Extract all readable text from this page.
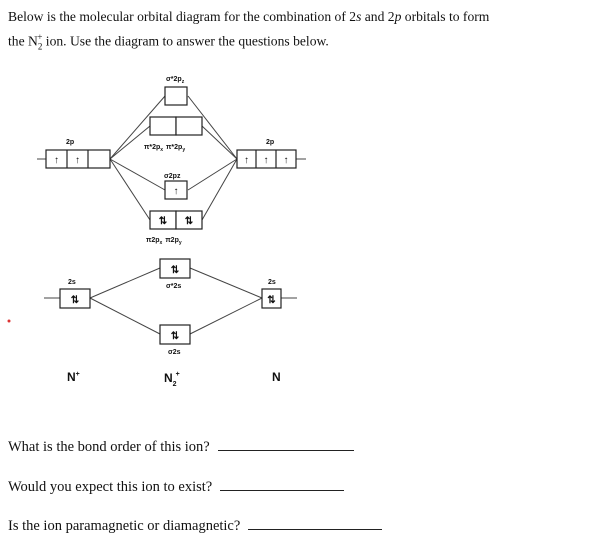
Below is the molecular orbital diagram for the combination of 2s and 2p orbitals to form
the $N_2^+$ ion. Use the diagram to answer the questions below.

$\sigma*2p_z$
$\pi*2p_x$ $\pi*2p_y$
σ2pz
↑
⇅ ⇅
$\pi 2p_x$ $\pi 2p_y$
⇅
σ*2s
⇅
σ2s
2p
↑ ↑
2p
↑ ↑ ↑
2s
⇅
2s
⇅
N+	$N_2+$	N

What is the bond order of this ion?

Would you expect this ion to exist?

Is the ion paramagnetic or diamagnetic?
